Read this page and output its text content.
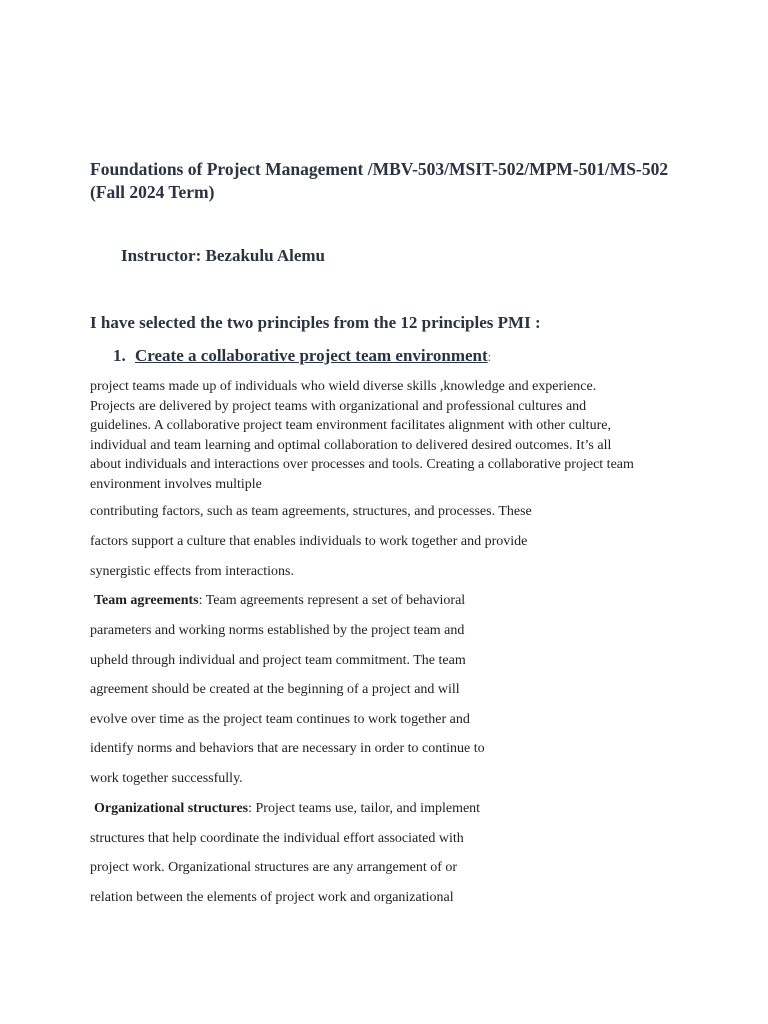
Foundations of Project Management /MBV-503/MSIT-502/MPM-501/MS-502
(Fall 2024 Term)
Instructor: Bezakulu Alemu
I have selected the two principles from the 12 principles PMI :
1. Create a collaborative project team environment:

project teams made up of individuals who wield diverse skills ,knowledge and experience.

Projects are delivered by project teams with organizational and professional cultures and

guidelines. A collaborative project team environment facilitates alignment with other culture,

individual and team learning and optimal collaboration to delivered desired outcomes. It’s all

about individuals and interactions over processes and tools. Creating a collaborative project team

environment involves multiple

contributing factors, such as team agreements, structures, and processes. These
factors support a culture that enables individuals to work together and provide
synergistic effects from interactions.
Team agreements: Team agreements represent a set of behavioral
parameters and working norms established by the project team and
upheld through individual and project team commitment. The team
agreement should be created at the beginning of a project and will
evolve over time as the project team continues to work together and
identify norms and behaviors that are necessary in order to continue to
work together successfully.
Organizational structures: Project teams use, tailor, and implement
structures that help coordinate the individual effort associated with
project work. Organizational structures are any arrangement of or
relation between the elements of project work and organizational
